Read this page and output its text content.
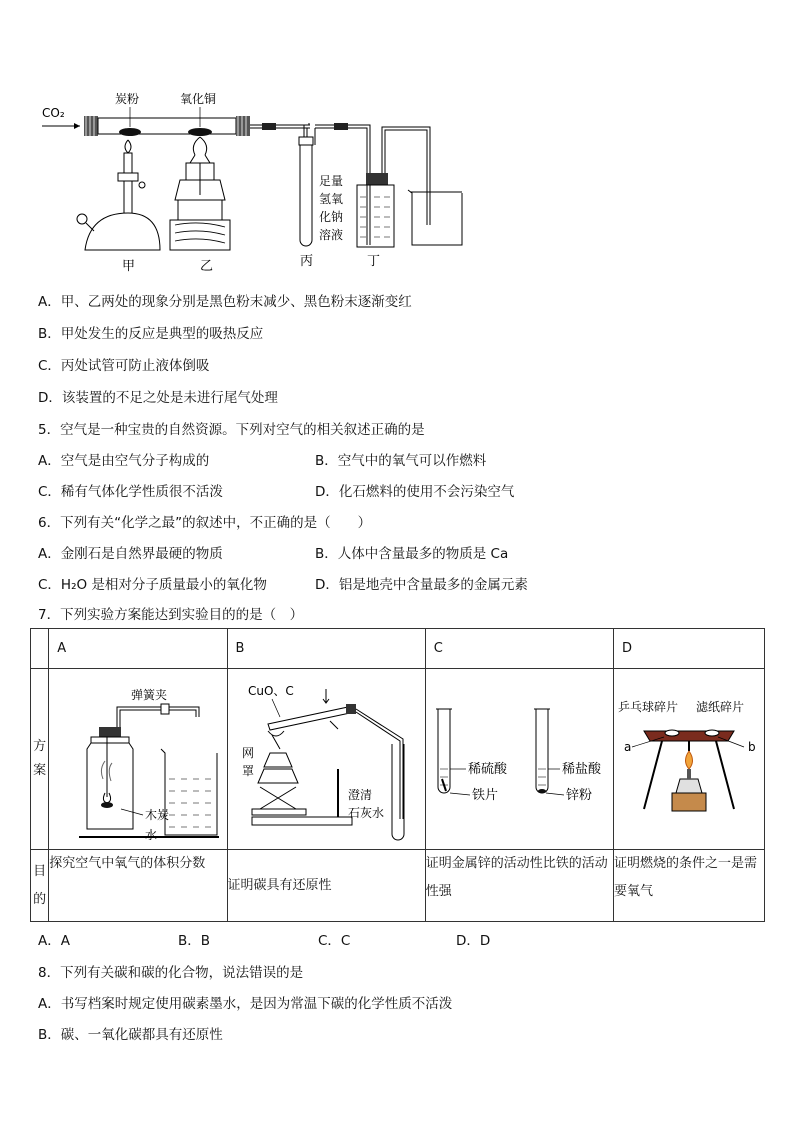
CO₂
炭粉	氧化铜
足量
氢氧
化钠
溶液
甲	乙	丙	丁
A．甲、乙两处的现象分别是黑色粉末减少、黑色粉末逐渐变红
B．甲处发生的反应是典型的吸热反应
C．丙处试管可防止液体倒吸
D．该装置的不足之处是未进行尾气处理
5．空气是一种宝贵的自然资源。下列对空气的相关叙述正确的是
A．空气是由空气分子构成的	B．空气中的氧气可以作燃料
C．稀有气体化学性质很不活泼	D．化石燃料的使用不会污染空气
6．下列有关“化学之最”的叙述中，不正确的是（　　）
A．金刚石是自然界最硬的物质	B．人体中含量最多的物质是 Ca
C．H₂O 是相对分子质量最小的氧化物	D．铝是地壳中含量最多的金属元素
7．下列实验方案能达到实验目的的是（　）
	A	B	C	D
方案	弹簧夹
木炭
水	CuO、C
网
罩
澄清
石灰水	稀硫酸
铁片
稀盐酸
锌粉	乒乓球碎片 滤纸碎片
a b

目的	探究空气中氧气的体积分数	证明碳具有还原性	证明金属锌的活动性比铁的活动性强	证明燃烧的条件之一是需要氧气
A．A	B．B	C．C	D．D
8．下列有关碳和碳的化合物，说法错误的是
A．书写档案时规定使用碳素墨水，是因为常温下碳的化学性质不活泼
B．碳、一氧化碳都具有还原性
